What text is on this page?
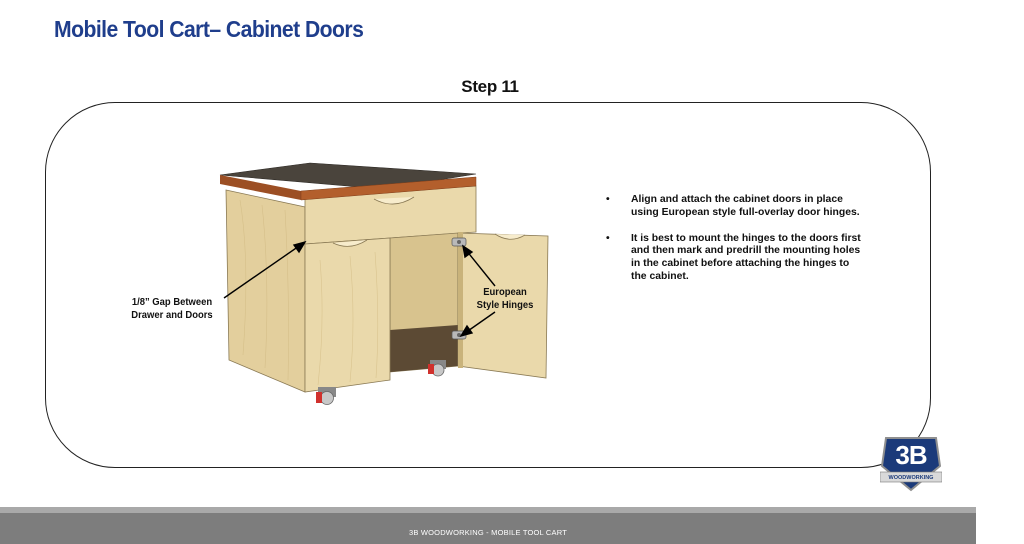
Mobile Tool Cart– Cabinet Doors
Step 11
1/8” Gap Between
Drawer and Doors
European
Style Hinges
• Align and attach the cabinet doors in place using European style full-overlay door hinges.
• It is best to mount the hinges to the doors first and then mark and predrill the mounting holes in the cabinet before attaching the hinges to the cabinet.
3B
WOODWORKING
3B WOODWORKING - MOBILE TOOL CART
